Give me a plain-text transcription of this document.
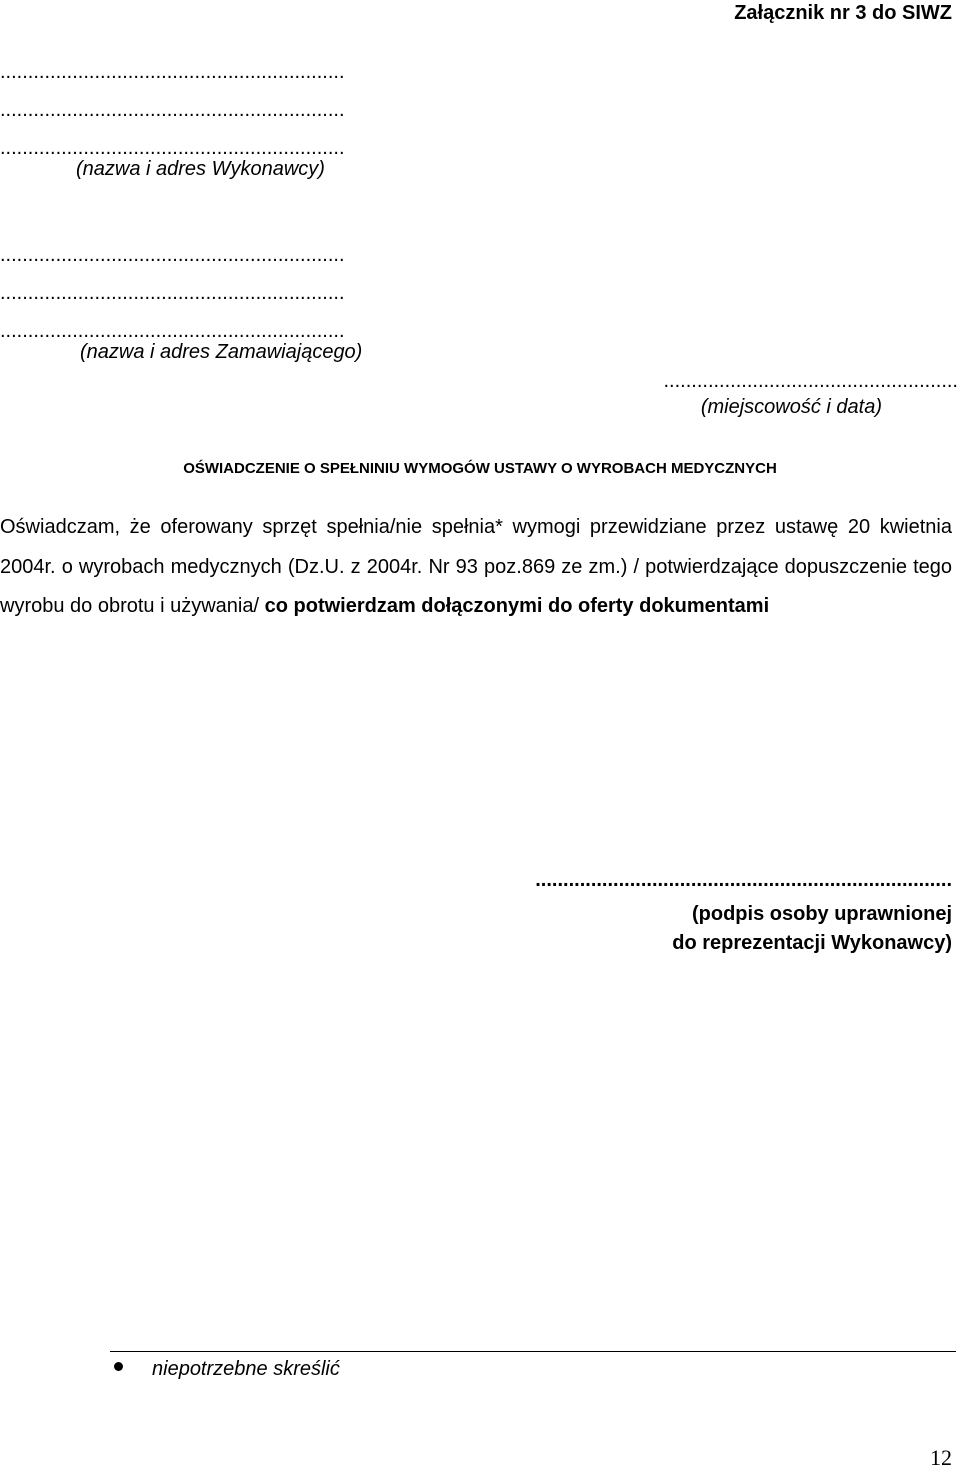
Załącznik nr 3 do SIWZ
..............................................................
..............................................................
..............................................................
(nazwa i adres Wykonawcy)
..............................................................
..............................................................
..............................................................
(nazwa i adres Zamawiającego)
.....................................................
(miejscowość i data)
OŚWIADCZENIE O SPEŁNINIU WYMOGÓW USTAWY O WYROBACH MEDYCZNYCH
Oświadczam, że oferowany sprzęt spełnia/nie spełnia* wymogi przewidziane przez ustawę 20 kwietnia 2004r. o wyrobach medycznych (Dz.U. z 2004r. Nr 93 poz.869 ze zm.) / potwierdzające dopuszczenie tego wyrobu do obrotu i używania/ co potwierdzam dołączonymi do oferty dokumentami
...........................................................................
(podpis osoby uprawnionej
do reprezentacji Wykonawcy)
niepotrzebne skreślić
12
